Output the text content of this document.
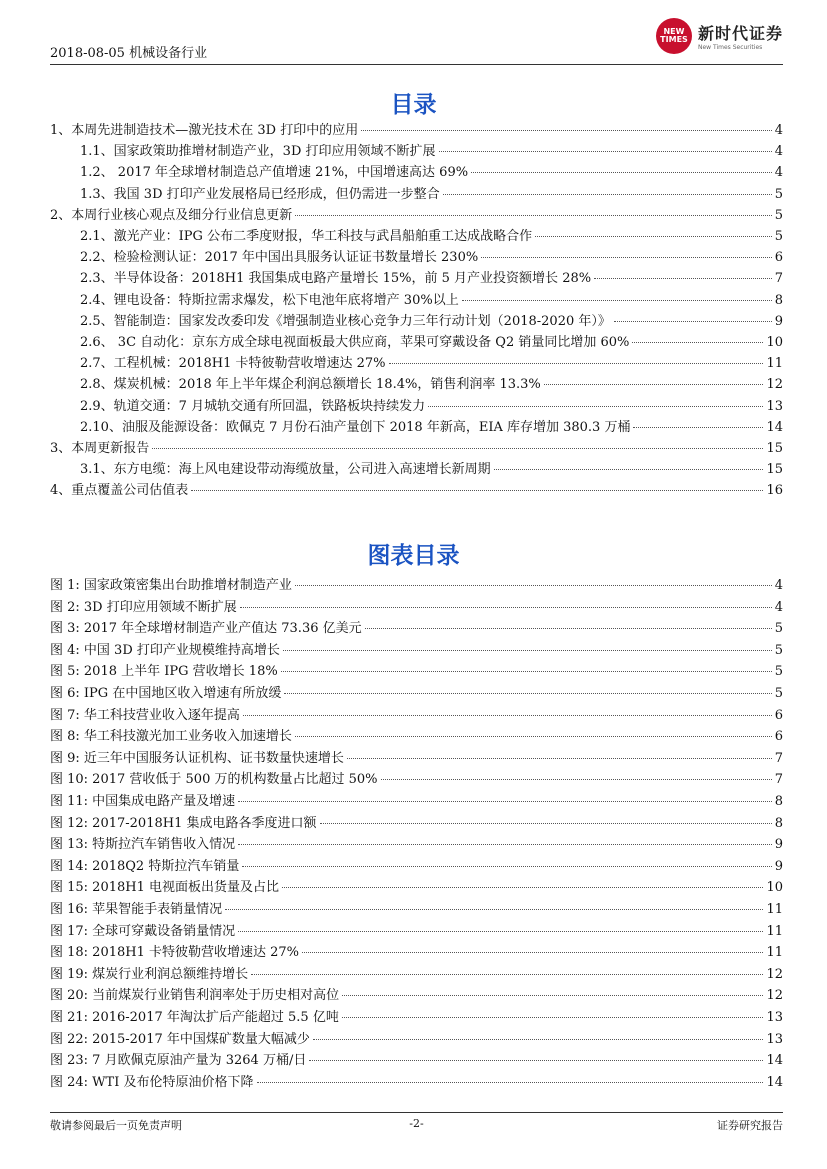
2018-08-05 机械设备行业
NEW TIMES 新时代证券
New Times Securities
目录
1、本周先进制造技术—激光技术在 3D 打印中的应用	4
1.1、国家政策助推增材制造产业，3D 打印应用领域不断扩展	4
1.2、 2017 年全球增材制造总产值增速 21%，中国增速高达 69%	4
1.3、我国 3D 打印产业发展格局已经形成，但仍需进一步整合	5
2、本周行业核心观点及细分行业信息更新	5
2.1、激光产业：IPG 公布二季度财报，华工科技与武昌船舶重工达成战略合作	5
2.2、检验检测认证：2017 年中国出具服务认证证书数量增长 230%	6
2.3、半导体设备：2018H1 我国集成电路产量增长 15%，前 5 月产业投资额增长 28%	7
2.4、锂电设备：特斯拉需求爆发，松下电池年底将增产 30%以上	8
2.5、智能制造：国家发改委印发《增强制造业核心竞争力三年行动计划（2018-2020 年）》	9
2.6、 3C 自动化：京东方成全球电视面板最大供应商，苹果可穿戴设备 Q2 销量同比增加 60%	10
2.7、工程机械：2018H1 卡特彼勒营收增速达 27%	11
2.8、煤炭机械：2018 年上半年煤企利润总额增长 18.4%，销售利润率 13.3%	12
2.9、轨道交通：7 月城轨交通有所回温，铁路板块持续发力	13
2.10、油服及能源设备：欧佩克 7 月份石油产量创下 2018 年新高，EIA 库存增加 380.3 万桶	14
3、本周更新报告	15
3.1、东方电缆：海上风电建设带动海缆放量，公司进入高速增长新周期	15
4、重点覆盖公司估值表	16
图表目录
图 1: 国家政策密集出台助推增材制造产业	4
图 2: 3D 打印应用领域不断扩展	4
图 3: 2017 年全球增材制造产业产值达 73.36 亿美元	5
图 4: 中国 3D 打印产业规模维持高增长	5
图 5: 2018 上半年 IPG 营收增长 18%	5
图 6: IPG 在中国地区收入增速有所放缓	5
图 7: 华工科技营业收入逐年提高	6
图 8: 华工科技激光加工业务收入加速增长	6
图 9: 近三年中国服务认证机构、证书数量快速增长	7
图 10: 2017 营收低于 500 万的机构数量占比超过 50%	7
图 11: 中国集成电路产量及增速	8
图 12: 2017-2018H1 集成电路各季度进口额	8
图 13: 特斯拉汽车销售收入情况	9
图 14: 2018Q2 特斯拉汽车销量	9
图 15: 2018H1 电视面板出货量及占比	10
图 16: 苹果智能手表销量情况	11
图 17: 全球可穿戴设备销量情况	11
图 18: 2018H1 卡特彼勒营收增速达 27%	11
图 19: 煤炭行业利润总额维持增长	12
图 20: 当前煤炭行业销售利润率处于历史相对高位	12
图 21: 2016-2017 年淘汰扩后产能超过 5.5 亿吨	13
图 22: 2015-2017 年中国煤矿数量大幅减少	13
图 23: 7 月欧佩克原油产量为 3264 万桶/日	14
图 24: WTI 及布伦特原油价格下降	14
敬请参阅最后一页免责声明	-2-	证券研究报告
